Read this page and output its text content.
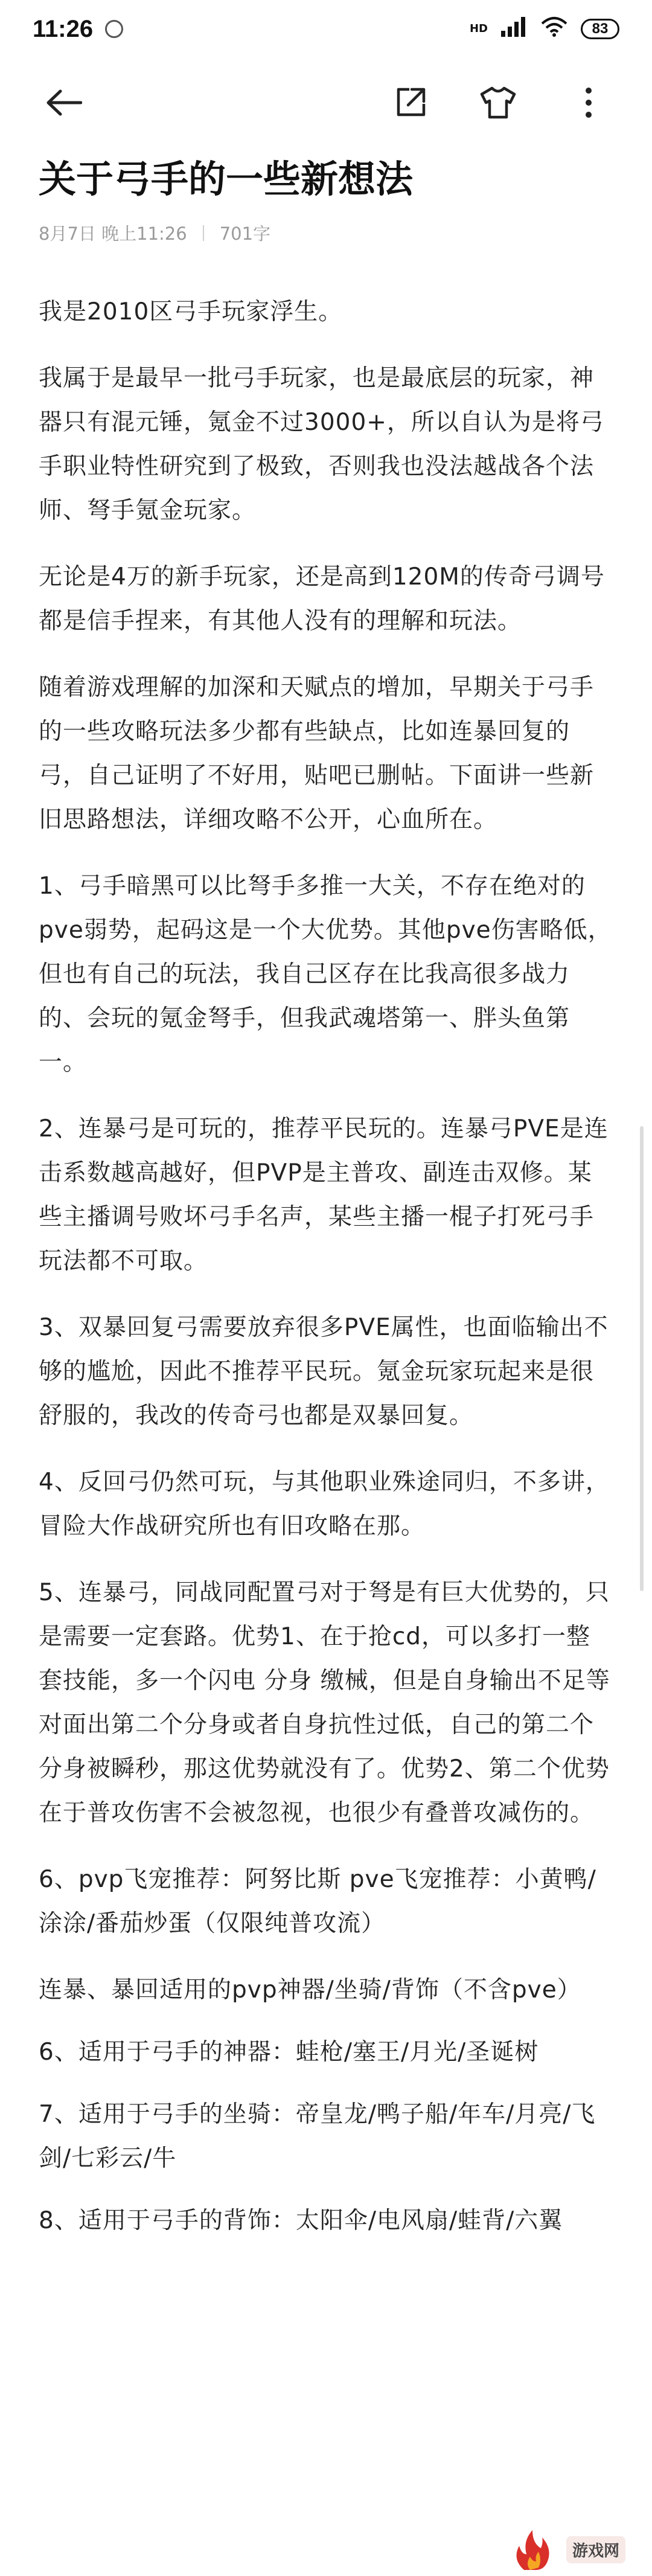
11:26	HD	83
关于弓手的一些新想法
8月7日 晚上11:26 701字

我是2010区弓手玩家浮生。

我属于是最早一批弓手玩家，也是最底层的玩家，神器只有混元锤，氪金不过3000+，所以自认为是将弓手职业特性研究到了极致，否则我也没法越战各个法师、弩手氪金玩家。

无论是4万的新手玩家，还是高到120M的传奇弓调号都是信手捏来，有其他人没有的理解和玩法。

随着游戏理解的加深和天赋点的增加，早期关于弓手的一些攻略玩法多少都有些缺点，比如连暴回复的弓，自己证明了不好用，贴吧已删帖。下面讲一些新旧思路想法，详细攻略不公开，心血所在。

1、弓手暗黑可以比弩手多推一大关，不存在绝对的pve弱势，起码这是一个大优势。其他pve伤害略低，但也有自己的玩法，我自己区存在比我高很多战力的、会玩的氪金弩手，但我武魂塔第一、胖头鱼第一。

2、连暴弓是可玩的，推荐平民玩的。连暴弓PVE是连击系数越高越好，但PVP是主普攻、副连击双修。某些主播调号败坏弓手名声，某些主播一棍子打死弓手玩法都不可取。

3、双暴回复弓需要放弃很多PVE属性，也面临输出不够的尴尬，因此不推荐平民玩。氪金玩家玩起来是很舒服的，我改的传奇弓也都是双暴回复。

4、反回弓仍然可玩，与其他职业殊途同归，不多讲，冒险大作战研究所也有旧攻略在那。

5、连暴弓，同战同配置弓对于弩是有巨大优势的，只是需要一定套路。优势1、在于抢cd，可以多打一整套技能，多一个闪电 分身 缴械，但是自身输出不足等对面出第二个分身或者自身抗性过低，自己的第二个分身被瞬秒，那这优势就没有了。优势2、第二个优势在于普攻伤害不会被忽视，也很少有叠普攻减伤的。

6、pvp飞宠推荐：阿努比斯 pve飞宠推荐：小黄鸭/涂涂/番茄炒蛋（仅限纯普攻流）

连暴、暴回适用的pvp神器/坐骑/背饰（不含pve）

6、适用于弓手的神器：蛙枪/塞王/月光/圣诞树

7、适用于弓手的坐骑：帝皇龙/鸭子船/年车/月亮/飞剑/七彩云/牛

8、适用于弓手的背饰：太阳伞/电风扇/蛙背/六翼

游戏网
